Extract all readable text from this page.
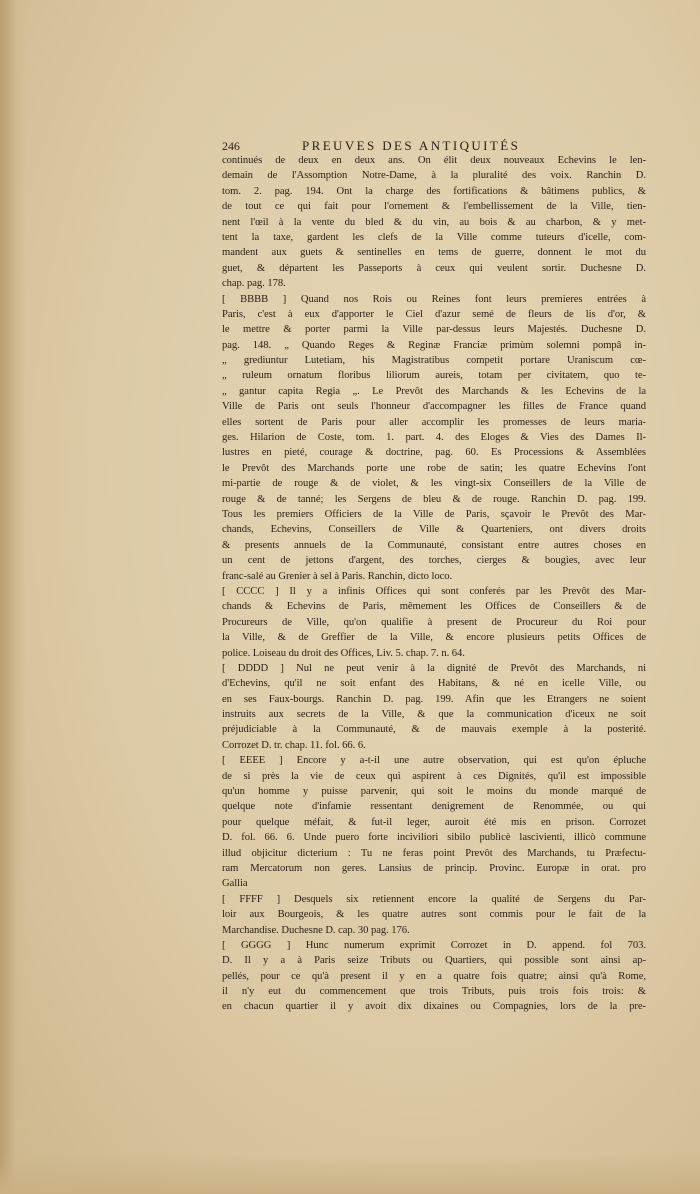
246	PREUVES DES ANTIQUITÉS
continués de deux en deux ans. On élit deux nouveaux Echevins le len-
demain de l'Assomption Notre-Dame, à la pluralité des voix. Ranchin D.
tom. 2. pag. 194. Ont la charge des fortifications & bâtimens publics, &
de tout ce qui fait pour l'ornement & l'embellissement de la Ville, tien-
nent l'œil à la vente du bled & du vin, au bois & au charbon, & y met-
tent la taxe, gardent les clefs de la Ville comme tuteurs d'icelle, com-
mandent aux guets & sentinelles en tems de guerre, donnent le mot du
guet, & départent les Passeports à ceux qui veulent sortir. Duchesne D.
chap. pag. 178.
[ BBBB ] Quand nos Rois ou Reines font leurs premieres entrées à
Paris, c'est à eux d'apporter le Ciel d'azur semé de fleurs de lis d'or, &
le mettre & porter parmi la Ville par-dessus leurs Majestés. Duchesne D.
pag. 148. „ Quando Reges & Reginæ Franciæ primùm solemni pompâ in-
„ grediuntur Lutetiam, his Magistratibus competit portare Uranisсum cœ-
„ ruleum ornatum floribus liliorum aureis, totam per civitatem, quo te-
„ gantur capita Regia „. Le Prevôt des Marchands & les Echevins de la
Ville de Paris ont seuls l'honneur d'accompagner les filles de France quand
elles sortent de Paris pour aller accomplir les promesses de leurs maria-
ges. Hilarion de Coste, tom. 1. part. 4. des Eloges & Vies des Dames Il-
lustres en pieté, courage & doctrine, pag. 60. Es Processions & Assemblées
le Prevôt des Marchands porte une robe de satin; les quatre Echevins l'ont
mi-partie de rouge & de violet, & les vingt-six Conseillers de la Ville de
rouge & de tanné; les Sergens de bleu & de rouge. Ranchin D. pag. 199.
Tous les premiers Officiers de la Ville de Paris, sçavoir le Prevôt des Mar-
chands, Echevins, Conseillers de Ville & Quarteniers, ont divers droits
& presents annuels de la Communauté, consistant entre autres choses en
un cent de jettons d'argent, des torches, cierges & bougies, avec leur
franc-salé au Grenier à sel à Paris. Ranchin, dicto loco.
[ CCCC ] Il y a infinis Offices qui sont conferés par les Prevôt des Mar-
chands & Echevins de Paris, mêmement les Offices de Conseillers & de
Procureurs de Ville, qu'on qualifie à present de Procureur du Roi pour
la Ville, & de Greffier de la Ville, & encore plusieurs petits Offices de
police. Loiseau du droit des Offices, Liv. 5. chap. 7. n. 64.
[ DDDD ] Nul ne peut venir à la dignité de Prevôt des Marchands, ni
d'Echevins, qu'il ne soit enfant des Habitans, & né en icelle Ville, ou
en ses Faux-bourgs. Ranchin D. pag. 199. Afin que les Etrangers ne soient
instruits aux secrets de la Ville, & que la communication d'iceux ne soit
préjudiciable à la Communauté, & de mauvais exemple à la posterité.
Corrozet D. tr. chap. 11. fol. 66. 6.
[ EEEE ] Encore y a-t-il une autre observation, qui est qu'on épluche
de si près la vie de ceux qui aspirent à ces Dignités, qu'il est impossible
qu'un homme y puisse parvenir, qui soit le moins du monde marqué de
quelque note d'infamie ressentant denigrement de Renommée, ou qui
pour quelque méfait, & fut-il leger, auroit été mis en prison. Corrozet
D. fol. 66. 6. Unde puero forte inciviliori sibilo publicè lascivienti, illicò commune
illud objicitur dicterium : Tu ne feras point Prevôt des Marchands, tu Præfectu-
ram Mercatorum non geres. Lansius de princip. Provinc. Europæ in orat. pro
Gallia
[ FFFF ] Desquels six retiennent encore la qualité de Sergens du Par-
loir aux Bourgeois, & les quatre autres sont commis pour le fait de la
Marchandise. Duchesne D. cap. 30 pag. 176.
[ GGGG ] Hunc numerum exprimit Corrozet in D. append. fol 703.
D. Il y a à Paris seize Tributs ou Quartiers, qui possible sont ainsi ap-
pellés, pour ce qu'à present il y en a quatre fois quatre; ainsi qu'à Rome,
il n'y eut du commencement que trois Tributs, puis trois fois trois: &
en chacun quartier il y avoit dix dixaines ou Compagnies, lors de la pre-
